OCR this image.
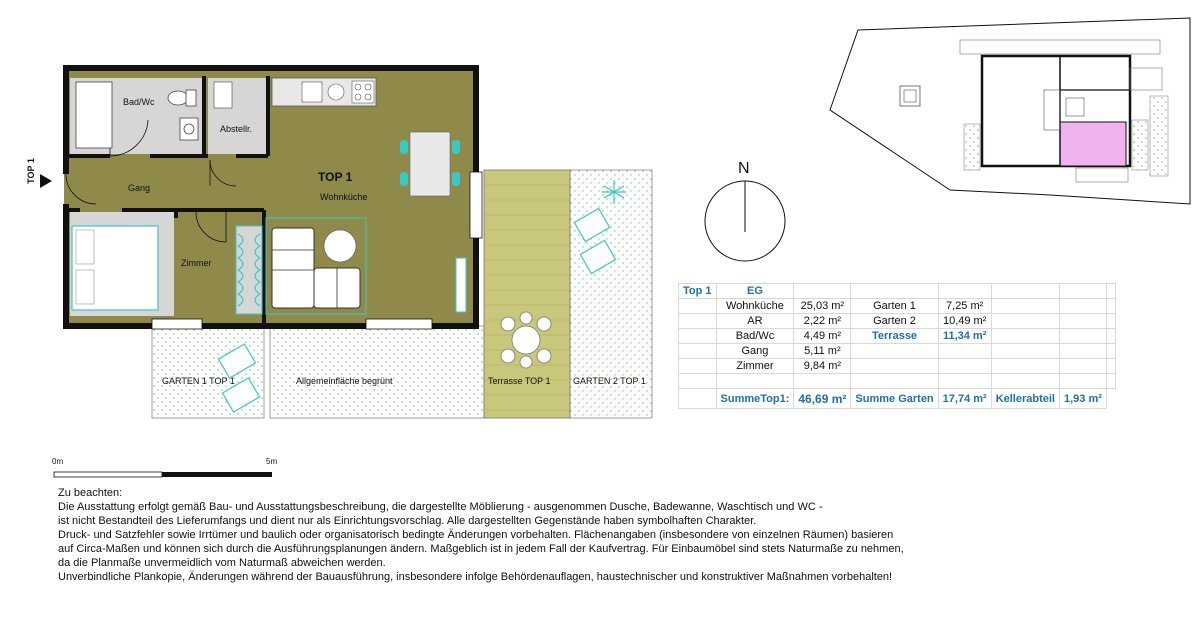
Bad/Wc
Abstellr.
Gang
TOP 1
Wohnküche
Zimmer
GARTEN 1 TOP 1	Allgemeinfläche begrünt	Terrasse TOP 1 GARTEN 2 TOP 1
TOP 1	N
0m	5m
Top 1	EG						
	Wohnküche	25,03 m²	Garten 1	7,25 m²			
	AR	2,22 m²	Garten 2	10,49 m²			
	Bad/Wc	4,49 m²	Terrasse	11,34 m²			
	Gang	5,11 m²					
	Zimmer	9,84 m²					

	SummeTop1:	46,69 m²	Summe Garten	17,74 m²	Kellerabteil	1,93 m²	
Zu beachten:
Die Ausstattung erfolgt gemäß Bau- und Ausstattungsbeschreibung, die dargestellte Möblierung - ausgenommen Dusche, Badewanne, Waschtisch und WC -
ist nicht Bestandteil des Lieferumfangs und dient nur als Einrichtungsvorschlag. Alle dargestellten Gegenstände haben symbolhaften Charakter.
Druck- und Satzfehler sowie Irrtümer und baulich oder organisatorisch bedingte Änderungen vorbehalten. Flächenangaben (insbesondere von einzelnen Räumen) basieren
auf Circa-Maßen und können sich durch die Ausführungsplanungen ändern. Maßgeblich ist in jedem Fall der Kaufvertrag. Für Einbaumöbel sind stets Naturmaße zu nehmen,
da die Planmaße unvermeidlich vom Naturmaß abweichen werden.
Unverbindliche Plankopie, Änderungen während der Bauausführung, insbesondere infolge Behördenauflagen, haustechnischer und konstruktiver Maßnahmen vorbehalten!
